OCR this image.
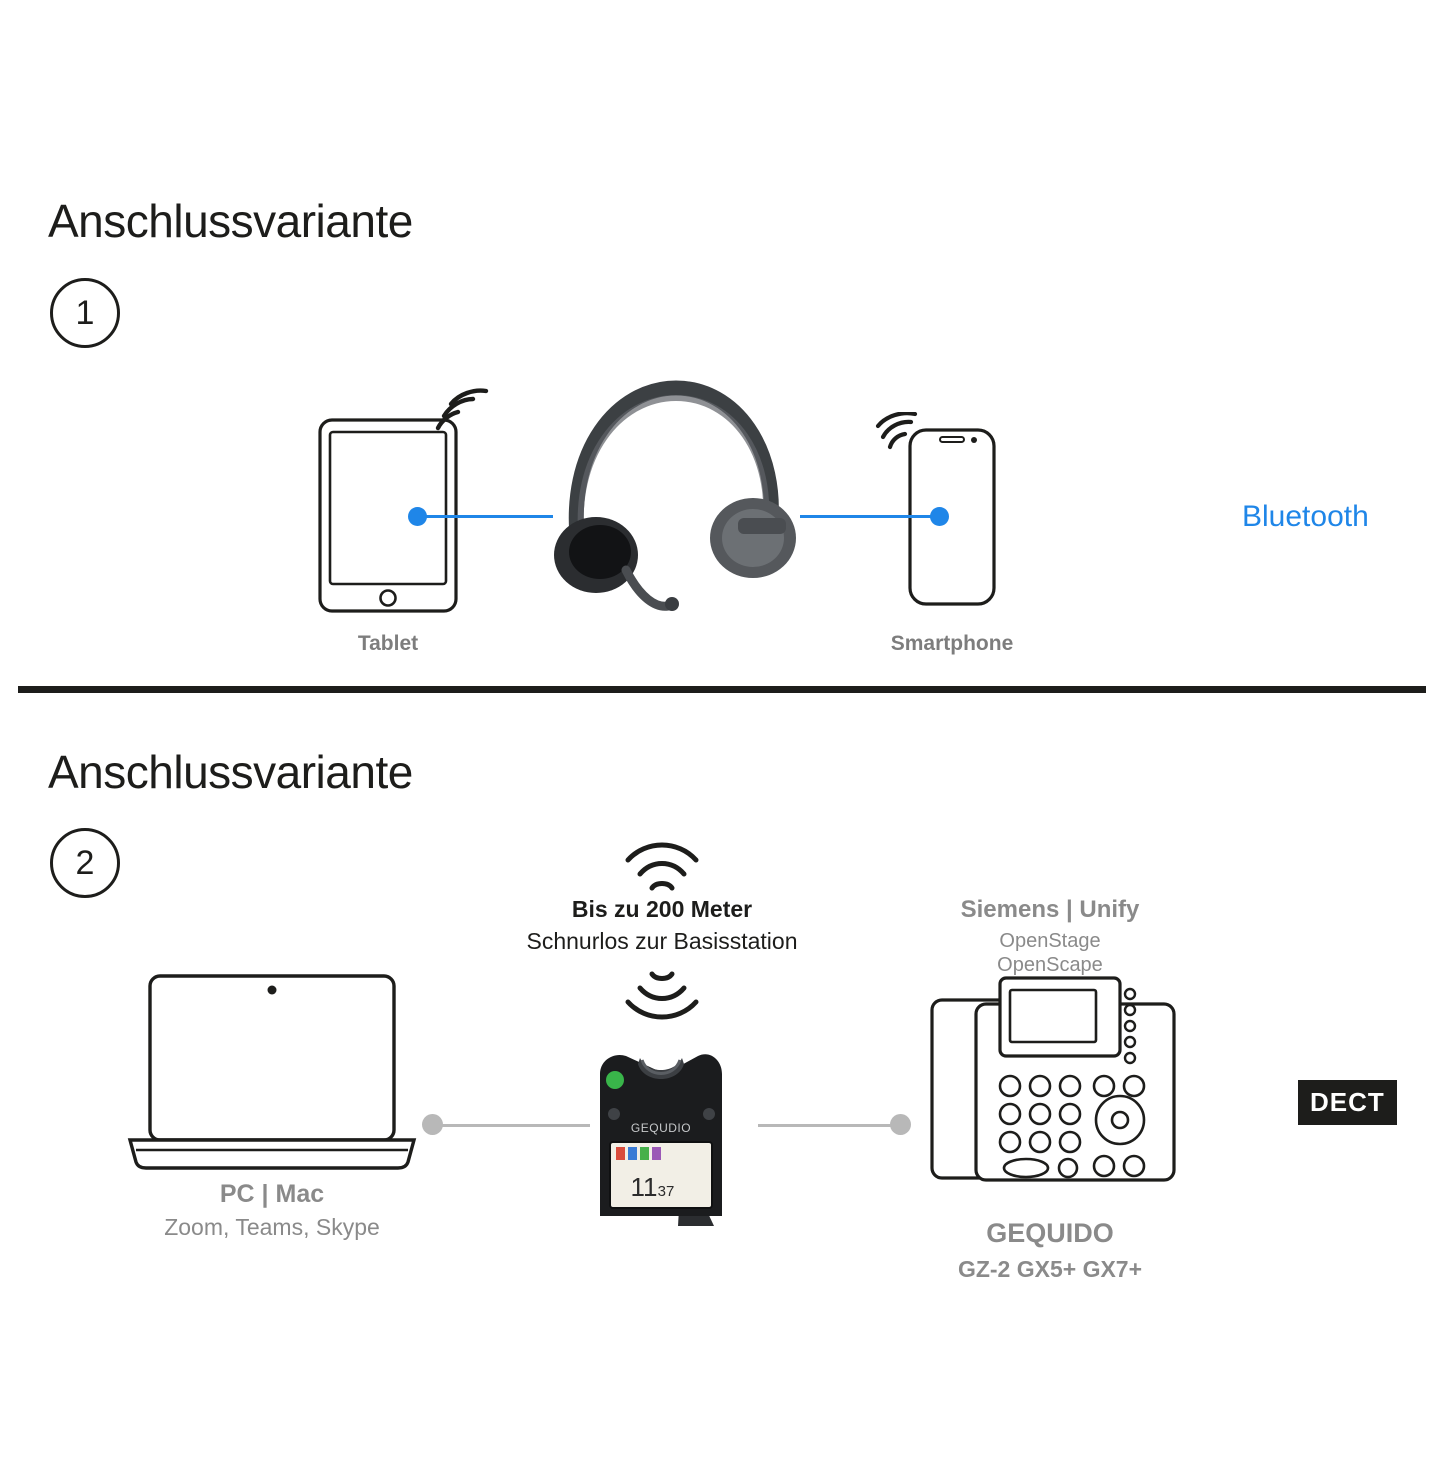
Anschlussvariante
1
Tablet	Smartphone
Bluetooth
Anschlussvariante
2
Bis zu 200 Meter
Schnurlos zur Basisstation
GEQUDIO
11 37
Siemens | Unify
OpenStage
OpenScape
PC | Mac
Zoom, Teams, Skype	GEQUIDO
GZ-2 GX5+ GX7+
DECT
